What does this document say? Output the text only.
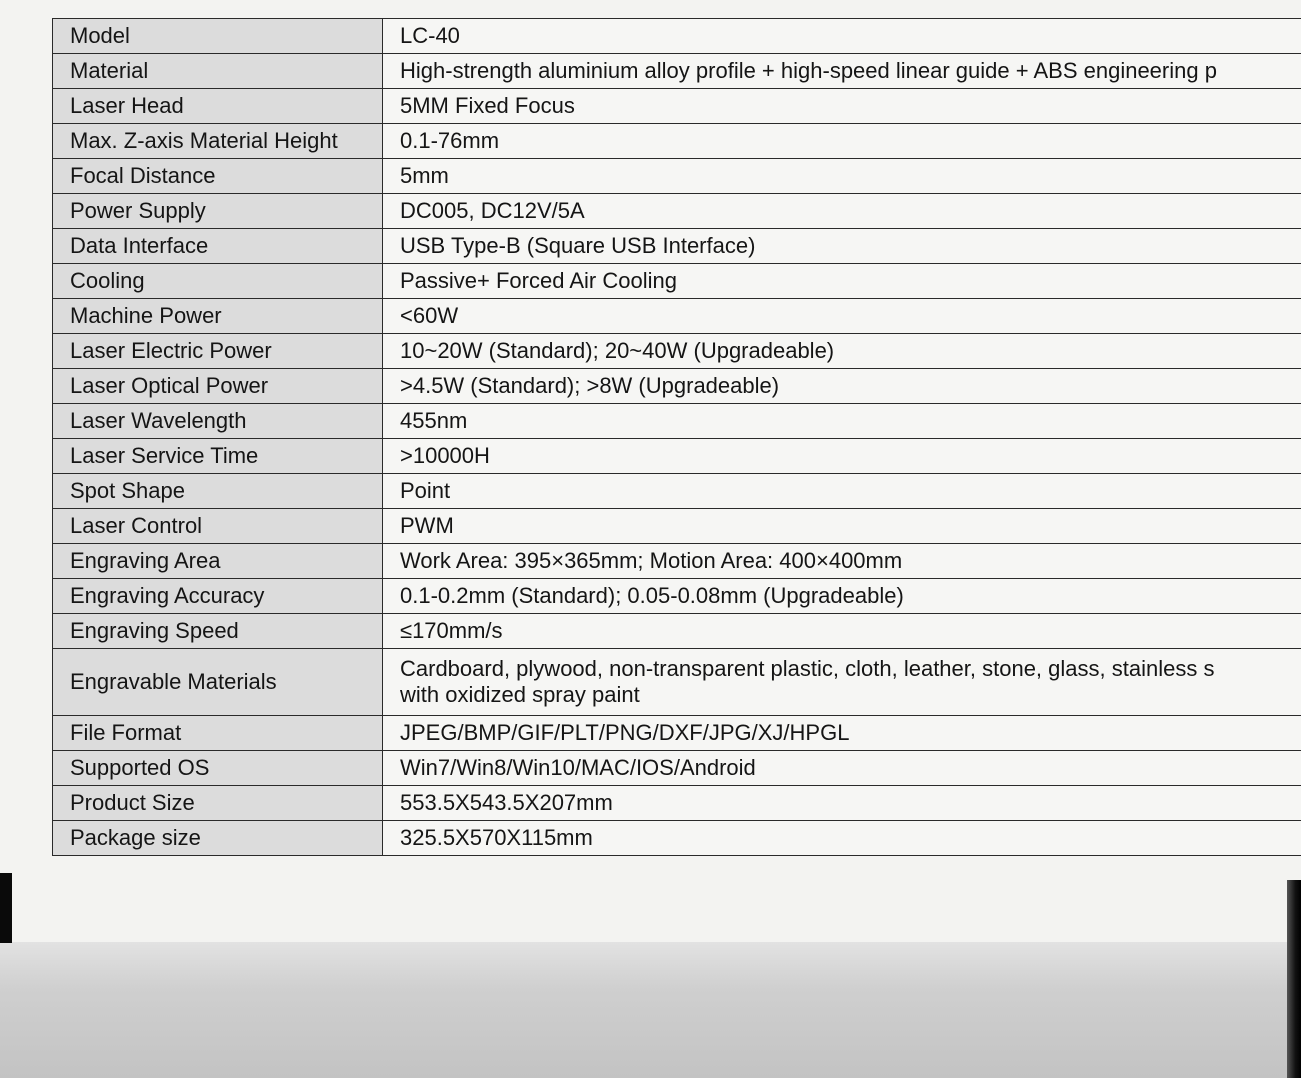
Model	LC-40
Material	High-strength aluminium alloy profile + high-speed linear guide + ABS engineering p
Laser Head	5MM Fixed Focus
Max. Z-axis Material Height	0.1-76mm
Focal Distance	5mm
Power Supply	DC005, DC12V/5A
Data Interface	USB Type-B (Square USB Interface)
Cooling	Passive+ Forced Air Cooling
Machine Power	<60W
Laser Electric Power	10~20W (Standard); 20~40W (Upgradeable)
Laser Optical Power	>4.5W (Standard); >8W (Upgradeable)
Laser Wavelength	455nm
Laser Service Time	>10000H
Spot Shape	Point
Laser Control	PWM
Engraving Area	Work Area: 395×365mm; Motion Area: 400×400mm
Engraving Accuracy	0.1-0.2mm (Standard); 0.05-0.08mm (Upgradeable)
Engraving Speed	≤170mm/s
Engravable Materials	Cardboard, plywood, non-transparent plastic, cloth, leather, stone, glass, stainless s
with oxidized spray paint

File Format	JPEG/BMP/GIF/PLT/PNG/DXF/JPG/XJ/HPGL
Supported OS	Win7/Win8/Win10/MAC/IOS/Android
Product Size	553.5X543.5X207mm
Package size	325.5X570X115mm
